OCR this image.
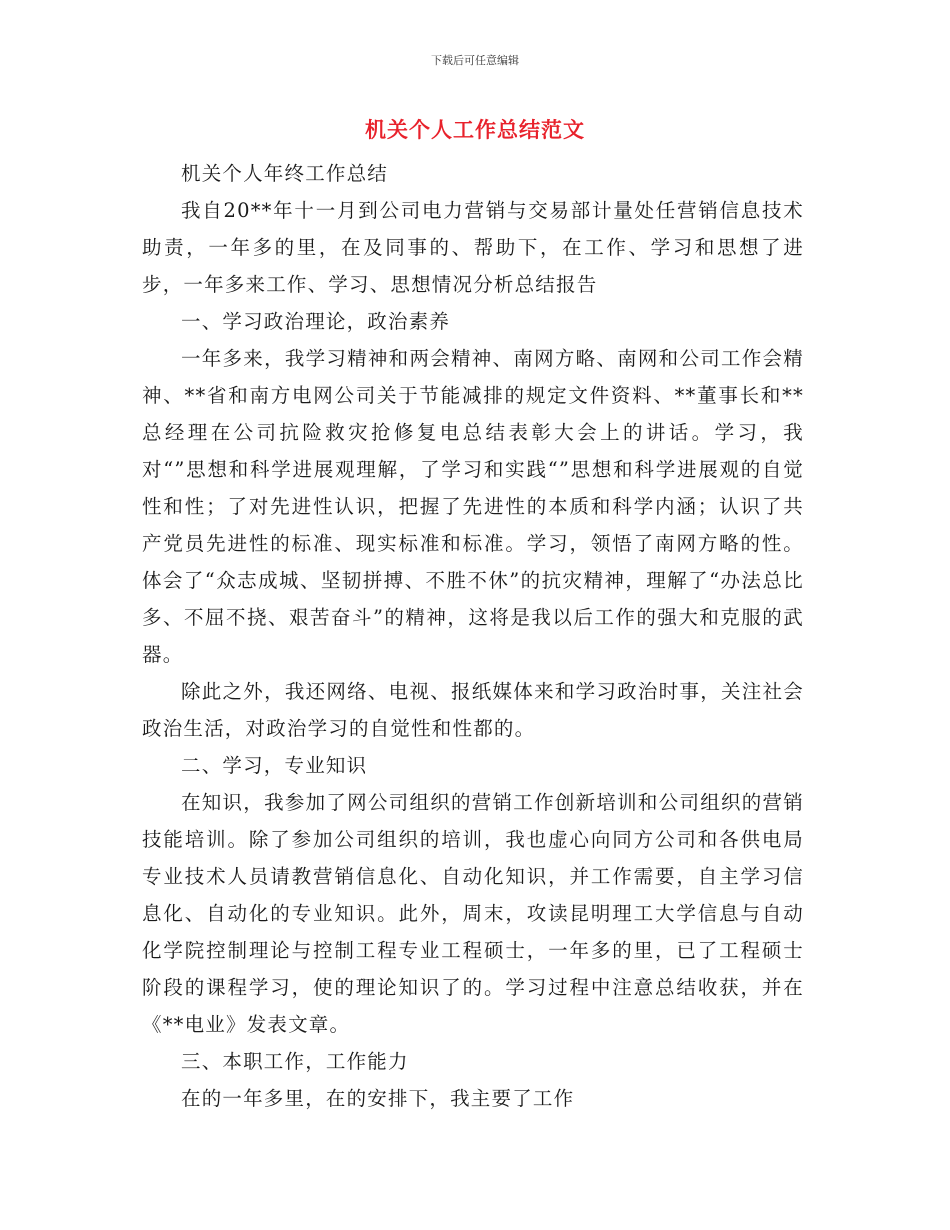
下载后可任意编辑
机关个人工作总结范文

机关个人年终工作总结

我自20**年十一月到公司电力营销与交易部计量处任营销信息技术助责，一年多的里，在及同事的、帮助下，在工作、学习和思想了进步，一年多来工作、学习、思想情况分析总结报告

一、学习政治理论，政治素养

一年多来，我学习精神和两会精神、南网方略、南网和公司工作会精神、**省和南方电网公司关于节能减排的规定文件资料、**董事长和**总经理在公司抗险救灾抢修复电总结表彰大会上的讲话。学习，我对“”思想和科学进展观理解，了学习和实践“”思想和科学进展观的自觉性和性；了对先进性认识，把握了先进性的本质和科学内涵；认识了共产党员先进性的标准、现实标准和标准。学习，领悟了南网方略的性。体会了“众志成城、坚韧拼搏、不胜不休”的抗灾精神，理解了“办法总比多、不屈不挠、艰苦奋斗”的精神，这将是我以后工作的强大和克服的武器。

除此之外，我还网络、电视、报纸媒体来和学习政治时事，关注社会政治生活，对政治学习的自觉性和性都的。

二、学习，专业知识

在知识，我参加了网公司组织的营销工作创新培训和公司组织的营销技能培训。除了参加公司组织的培训，我也虚心向同方公司和各供电局专业技术人员请教营销信息化、自动化知识，并工作需要，自主学习信息化、自动化的专业知识。此外，周末，攻读昆明理工大学信息与自动化学院控制理论与控制工程专业工程硕士，一年多的里，已了工程硕士阶段的课程学习，使的理论知识了的。学习过程中注意总结收获，并在《**电业》发表文章。

三、本职工作，工作能力

在的一年多里，在的安排下，我主要了工作
